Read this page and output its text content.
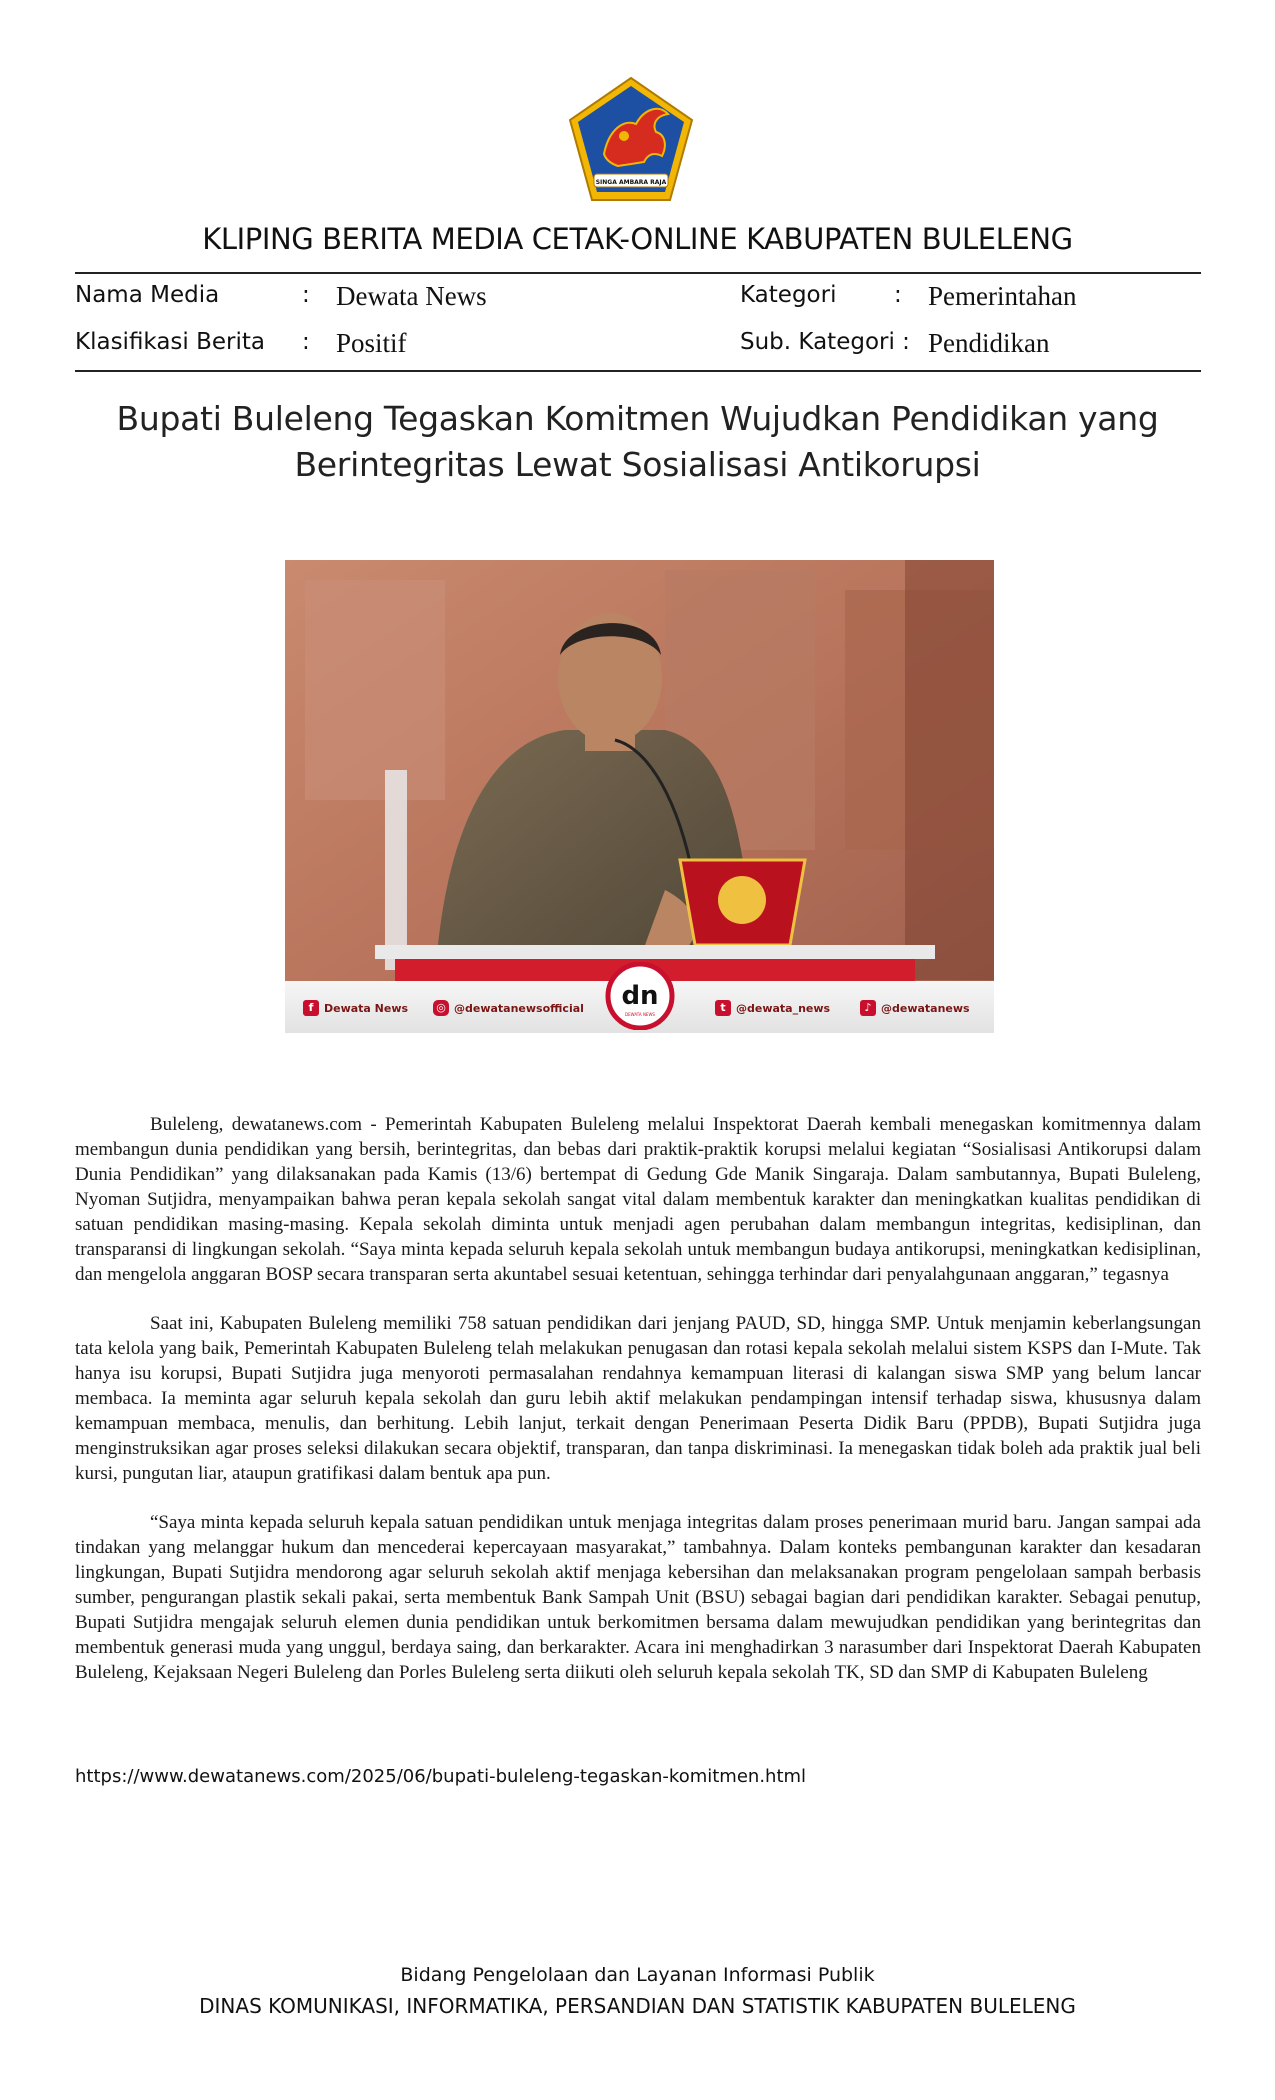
SINGA AMBARA RAJA
KLIPING BERITA MEDIA CETAK-ONLINE KABUPATEN BULELENG
Nama Media	: Dewata News	Kategori	: Pemerintahan
Klasifikasi Berita : Positif	Sub. Kategori : Pendidikan
Bupati Buleleng Tegaskan Komitmen Wujudkan Pendidikan yang
Berintegritas Lewat Sosialisasi Antikorupsi
f Dewata News	◎ @dewatanewsofficial	t @dewata_news	♪ @dewatanews
dn
DEWATA NEWS

Buleleng, dewatanews.com - Pemerintah Kabupaten Buleleng melalui Inspektorat Daerah kembali menegaskan komitmennya dalam membangun dunia pendidikan yang bersih, berintegritas, dan bebas dari praktik-praktik korupsi melalui kegiatan “Sosialisasi Antikorupsi dalam Dunia Pendidikan” yang dilaksanakan pada Kamis (13/6) bertempat di Gedung Gde Manik Singaraja. Dalam sambutannya, Bupati Buleleng, Nyoman Sutjidra, menyampaikan bahwa peran kepala sekolah sangat vital dalam membentuk karakter dan meningkatkan kualitas pendidikan di satuan pendidikan masing-masing. Kepala sekolah diminta untuk menjadi agen perubahan dalam membangun integritas, kedisiplinan, dan transparansi di lingkungan sekolah. “Saya minta kepada seluruh kepala sekolah untuk membangun budaya antikorupsi, meningkatkan kedisiplinan, dan mengelola anggaran BOSP secara transparan serta akuntabel sesuai ketentuan, sehingga terhindar dari penyalahgunaan anggaran,” tegasnya

Saat ini, Kabupaten Buleleng memiliki 758 satuan pendidikan dari jenjang PAUD, SD, hingga SMP. Untuk menjamin keberlangsungan tata kelola yang baik, Pemerintah Kabupaten Buleleng telah melakukan penugasan dan rotasi kepala sekolah melalui sistem KSPS dan I-Mute. Tak hanya isu korupsi, Bupati Sutjidra juga menyoroti permasalahan rendahnya kemampuan literasi di kalangan siswa SMP yang belum lancar membaca. Ia meminta agar seluruh kepala sekolah dan guru lebih aktif melakukan pendampingan intensif terhadap siswa, khususnya dalam kemampuan membaca, menulis, dan berhitung. Lebih lanjut, terkait dengan Penerimaan Peserta Didik Baru (PPDB), Bupati Sutjidra juga menginstruksikan agar proses seleksi dilakukan secara objektif, transparan, dan tanpa diskriminasi. Ia menegaskan tidak boleh ada praktik jual beli kursi, pungutan liar, ataupun gratifikasi dalam bentuk apa pun.

“Saya minta kepada seluruh kepala satuan pendidikan untuk menjaga integritas dalam proses penerimaan murid baru. Jangan sampai ada tindakan yang melanggar hukum dan mencederai kepercayaan masyarakat,” tambahnya. Dalam konteks pembangunan karakter dan kesadaran lingkungan, Bupati Sutjidra mendorong agar seluruh sekolah aktif menjaga kebersihan dan melaksanakan program pengelolaan sampah berbasis sumber, pengurangan plastik sekali pakai, serta membentuk Bank Sampah Unit (BSU) sebagai bagian dari pendidikan karakter. Sebagai penutup, Bupati Sutjidra mengajak seluruh elemen dunia pendidikan untuk berkomitmen bersama dalam mewujudkan pendidikan yang berintegritas dan membentuk generasi muda yang unggul, berdaya saing, dan berkarakter. Acara ini menghadirkan 3 narasumber dari Inspektorat Daerah Kabupaten Buleleng, Kejaksaan Negeri Buleleng dan Porles Buleleng serta diikuti oleh seluruh kepala sekolah TK, SD dan SMP di Kabupaten Buleleng

https://www.dewatanews.com/2025/06/bupati-buleleng-tegaskan-komitmen.html
Bidang Pengelolaan dan Layanan Informasi Publik
DINAS KOMUNIKASI, INFORMATIKA, PERSANDIAN DAN STATISTIK KABUPATEN BULELENG
